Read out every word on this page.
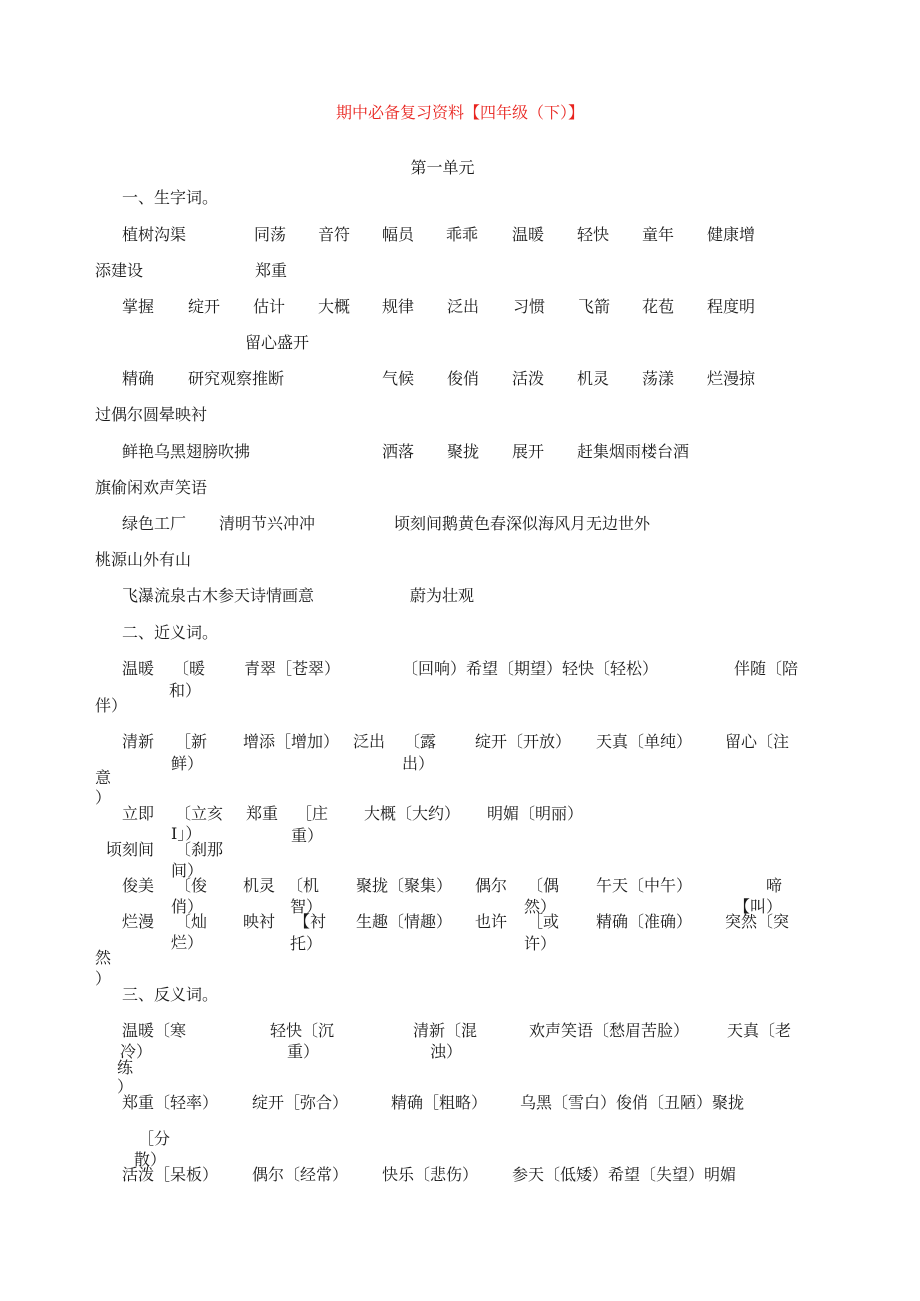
期中必备复习资料【四年级（下）】
第一单元
一、生字词。
植树沟渠	同荡 音符 幅员 乖乖 温暖 轻快 童年 健康增
添建设	郑重
掌握 绽开 估计 大概 规律 泛出 习惯 飞箭 花苞 程度明
留心盛开
精确 研究观察推断	气候 俊俏 活泼 机灵 荡漾 烂漫掠
过偶尔圆晕映衬
鲜艳乌黑翅膀吹拂	洒落 聚拢 展开 赶集烟雨楼台酒
旗偷闲欢声笑语
绿色工厂 清明节兴冲冲	顷刻间鹅黄色春深似海风月无边世外
桃源山外有山
飞瀑流泉古木参天诗情画意	蔚为壮观
二、近义词。
温暖 〔暖
和）
青翠［苍翠）	〔回响）希望〔期望）轻快〔轻松）	伴随〔陪
伴）
清新 ［新
鲜）
增添［增加） 泛出 〔露
出）
绽开〔开放） 天真〔单纯） 留心〔注
意
）
立即 〔立亥
I」）
郑重 ［庄
重）
大概〔大约） 明媚〔明丽）
顷刻间 〔刹那
间）
俊美 〔俊
俏）
机灵 〔机
智）
聚拢〔聚集） 偶尔 〔偶
然）
午天〔中午）	啼
【叫）
烂漫 〔灿
烂）
映衬 【衬
托）
生趣〔情趣） 也许 ［或
许）
精确〔准确） 突然〔突
然
）
三、反义词。
温暖〔寒
冷）
轻快〔沉
重）
清新〔混
浊）
欢声笑语〔愁眉苦脸） 天真〔老
练
）
郑重〔轻率） 绽开［弥合）	精确［粗略） 乌黑〔雪白）俊俏〔丑陋）聚拢
［分
散）
活泼［呆板） 偶尔〔经常） 快乐〔悲伤） 参天〔低矮）希望〔失望）明媚
